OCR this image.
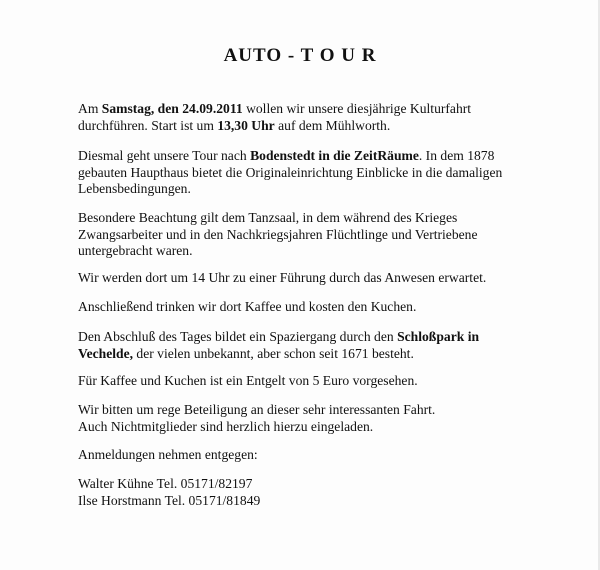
AUTO - T O U R

Am Samstag, den 24.09.2011 wollen wir unsere diesjährige Kulturfahrt
durchführen. Start ist um 13,30 Uhr auf dem Mühlworth.

Diesmal geht unsere Tour nach Bodenstedt in die ZeitRäume. In dem 1878
gebauten Haupthaus bietet die Originaleinrichtung Einblicke in die damaligen
Lebensbedingungen.

Besondere Beachtung gilt dem Tanzsaal, in dem während des Krieges
Zwangsarbeiter und in den Nachkriegsjahren Flüchtlinge und Vertriebene
untergebracht waren.

Wir werden dort um 14 Uhr zu einer Führung durch das Anwesen erwartet.

Anschließend trinken wir dort Kaffee und kosten den Kuchen.

Den Abschluß des Tages bildet ein Spaziergang durch den Schloßpark in
Vechelde, der vielen unbekannt, aber schon seit 1671 besteht.

Für Kaffee und Kuchen ist ein Entgelt von 5 Euro vorgesehen.

Wir bitten um rege Beteiligung an dieser sehr interessanten Fahrt.
Auch Nichtmitglieder sind herzlich hierzu eingeladen.

Anmeldungen nehmen entgegen:

Walter Kühne Tel. 05171/82197
Ilse Horstmann Tel. 05171/81849
